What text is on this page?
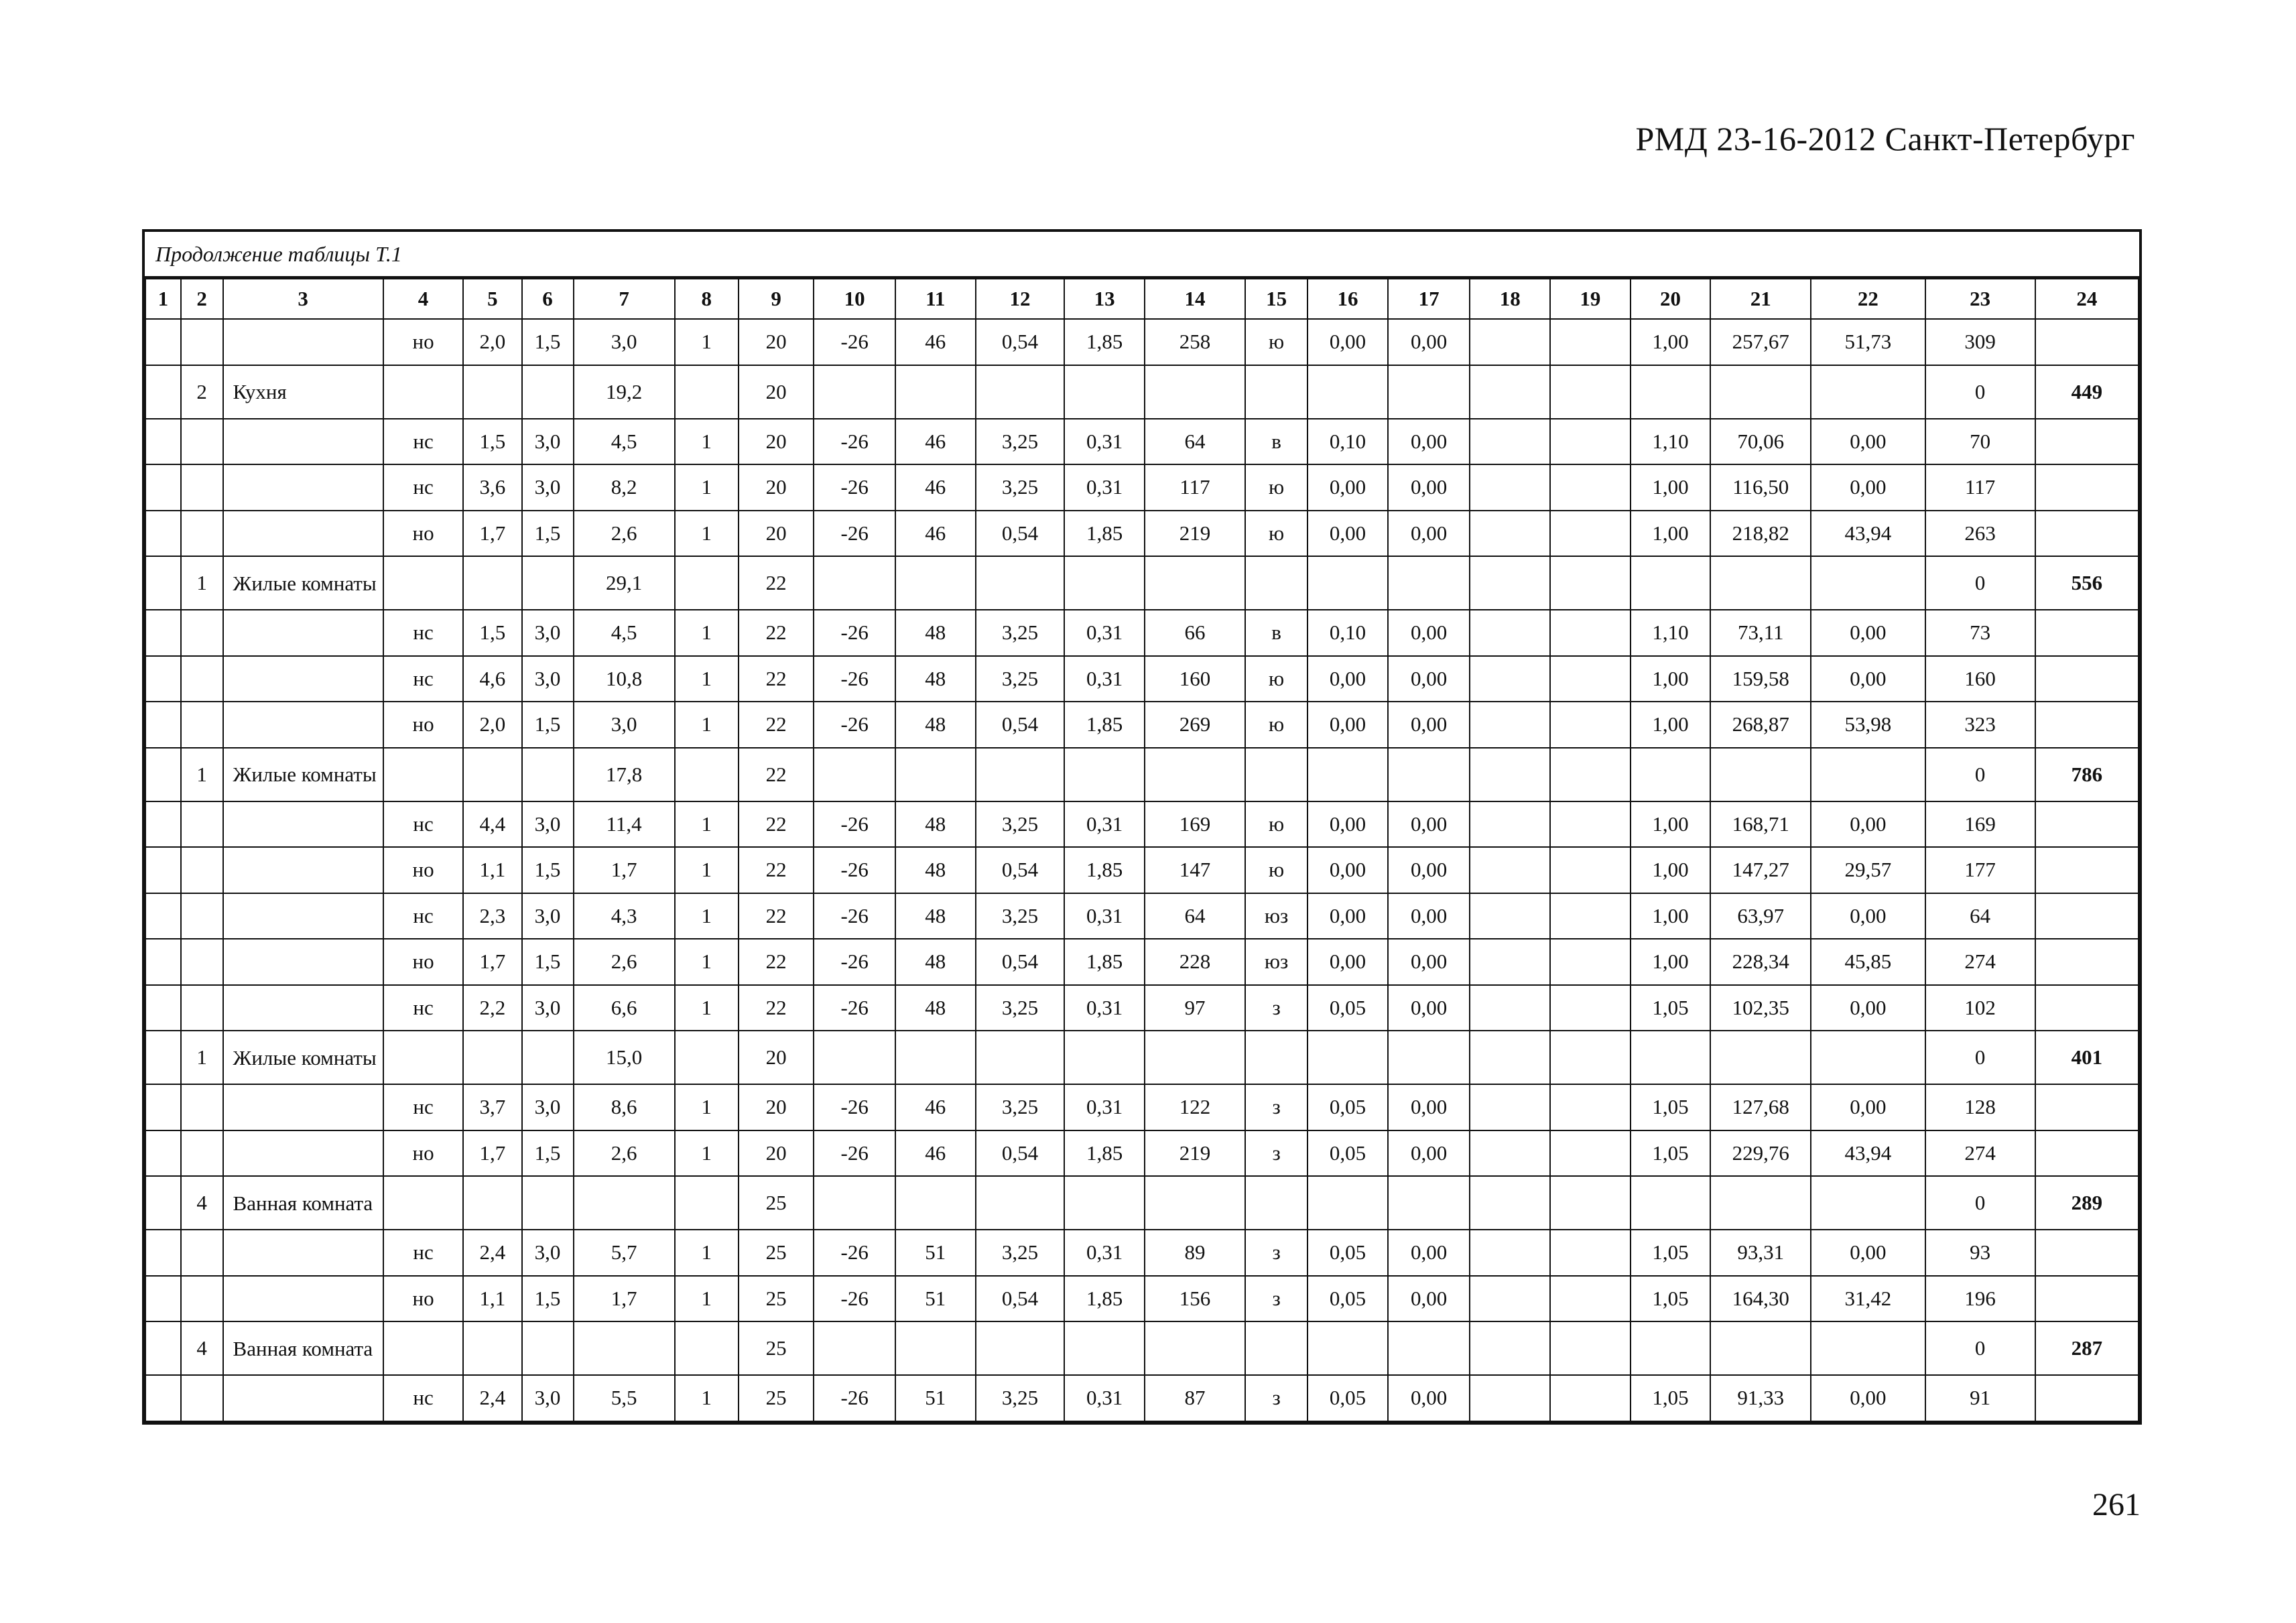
РМД 23-16-2012 Санкт-Петербург
Продолжение таблицы Т.1
1	2	3	4	5	6	7	8	9	10	11	12	13	14	15	16	17	18	19	20	21	22	23	24
			но	2,0	1,5	3,0	1	20	-26	46	0,54	1,85	258	ю	0,00	0,00			1,00	257,67	51,73	309	
	2	Кухня				19,2		20														0	449
			нс	1,5	3,0	4,5	1	20	-26	46	3,25	0,31	64	в	0,10	0,00			1,10	70,06	0,00	70	
			нс	3,6	3,0	8,2	1	20	-26	46	3,25	0,31	117	ю	0,00	0,00			1,00	116,50	0,00	117	
			но	1,7	1,5	2,6	1	20	-26	46	0,54	1,85	219	ю	0,00	0,00			1,00	218,82	43,94	263	
	1	Жилые комнаты				29,1		22														0	556
			нс	1,5	3,0	4,5	1	22	-26	48	3,25	0,31	66	в	0,10	0,00			1,10	73,11	0,00	73	
			нс	4,6	3,0	10,8	1	22	-26	48	3,25	0,31	160	ю	0,00	0,00			1,00	159,58	0,00	160	
			но	2,0	1,5	3,0	1	22	-26	48	0,54	1,85	269	ю	0,00	0,00			1,00	268,87	53,98	323	
	1	Жилые комнаты				17,8		22														0	786
			нс	4,4	3,0	11,4	1	22	-26	48	3,25	0,31	169	ю	0,00	0,00			1,00	168,71	0,00	169	
			но	1,1	1,5	1,7	1	22	-26	48	0,54	1,85	147	ю	0,00	0,00			1,00	147,27	29,57	177	
			нс	2,3	3,0	4,3	1	22	-26	48	3,25	0,31	64	юз	0,00	0,00			1,00	63,97	0,00	64	
			но	1,7	1,5	2,6	1	22	-26	48	0,54	1,85	228	юз	0,00	0,00			1,00	228,34	45,85	274	
			нс	2,2	3,0	6,6	1	22	-26	48	3,25	0,31	97	з	0,05	0,00			1,05	102,35	0,00	102	
	1	Жилые комнаты				15,0		20														0	401
			нс	3,7	3,0	8,6	1	20	-26	46	3,25	0,31	122	з	0,05	0,00			1,05	127,68	0,00	128	
			но	1,7	1,5	2,6	1	20	-26	46	0,54	1,85	219	з	0,05	0,00			1,05	229,76	43,94	274	
	4	Ванная комната						25														0	289
			нс	2,4	3,0	5,7	1	25	-26	51	3,25	0,31	89	з	0,05	0,00			1,05	93,31	0,00	93	
			но	1,1	1,5	1,7	1	25	-26	51	0,54	1,85	156	з	0,05	0,00			1,05	164,30	31,42	196	
	4	Ванная комната						25														0	287
			нс	2,4	3,0	5,5	1	25	-26	51	3,25	0,31	87	з	0,05	0,00			1,05	91,33	0,00	91	
261
